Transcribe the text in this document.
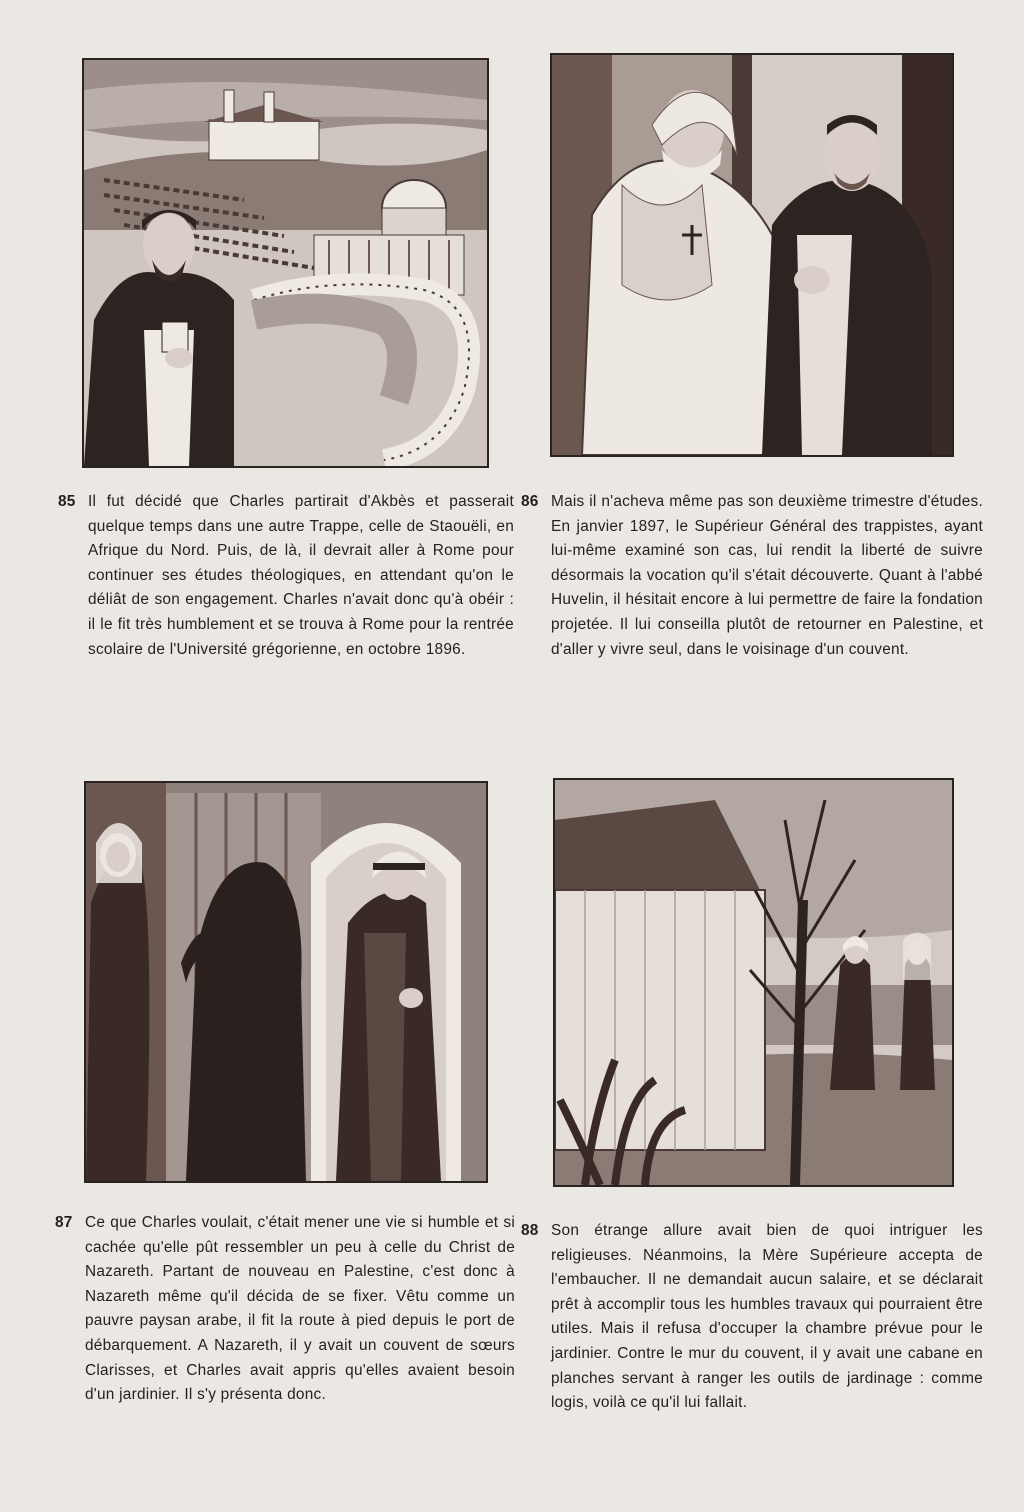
85 Il fut décidé que Charles partirait d'Akbès et passerait quelque temps dans une autre Trappe, celle de Staouëli, en Afrique du Nord. Puis, de là, il devrait aller à Rome pour continuer ses études théologiques, en attendant qu'on le déliât de son engagement. Charles n'avait donc qu'à obéir : il le fit très humblement et se trouva à Rome pour la rentrée scolaire de l'Université grégorienne, en octobre 1896.
86 Mais il n'acheva même pas son deuxième trimestre d'études. En janvier 1897, le Supérieur Général des trappistes, ayant lui-même examiné son cas, lui rendit la liberté de suivre désormais la vocation qu'il s'était découverte. Quant à l'abbé Huvelin, il hésitait encore à lui permettre de faire la fondation projetée. Il lui conseilla plutôt de retourner en Palestine, et d'aller y vivre seul, dans le voisinage d'un couvent.
87 Ce que Charles voulait, c'était mener une vie si humble et si cachée qu'elle pût ressembler un peu à celle du Christ de Nazareth. Partant de nouveau en Palestine, c'est donc à Nazareth même qu'il décida de se fixer. Vêtu comme un pauvre paysan arabe, il fit la route à pied depuis le port de débarquement. A Nazareth, il y avait un couvent de sœurs Clarisses, et Charles avait appris qu'elles avaient besoin d'un jardinier. Il s'y présenta donc.
88 Son étrange allure avait bien de quoi intriguer les religieuses. Néanmoins, la Mère Supérieure accepta de l'embaucher. Il ne demandait aucun salaire, et se déclarait prêt à accomplir tous les humbles travaux qui pourraient être utiles. Mais il refusa d'occuper la chambre prévue pour le jardinier. Contre le mur du couvent, il y avait une cabane en planches servant à ranger les outils de jardinage : comme logis, voilà ce qu'il lui fallait.
